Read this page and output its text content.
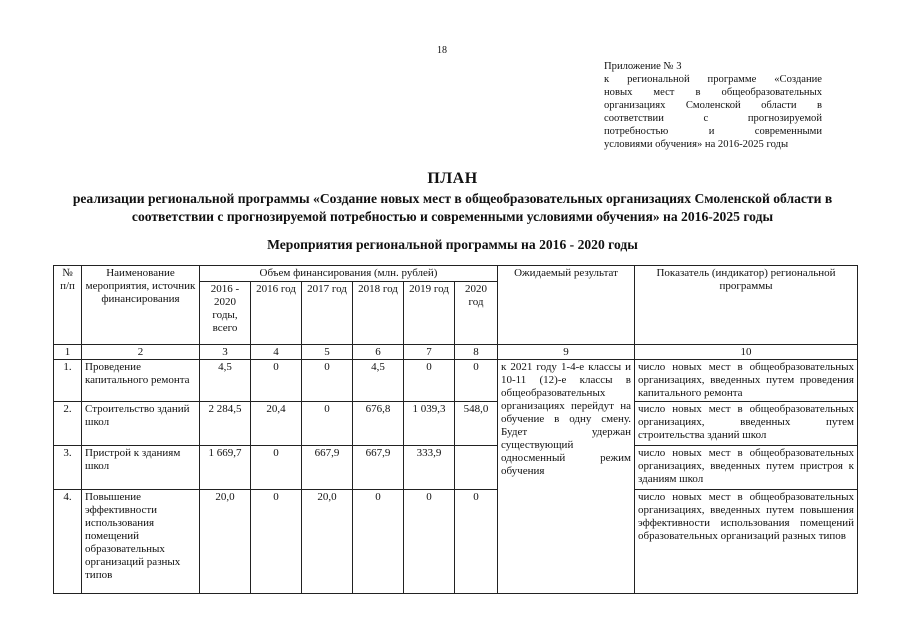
18
Приложение № 3
к региональной программе «Создание
новых мест в общеобразовательных
организациях Смоленской области в
соответствии с прогнозируемой
потребностью и современными
условиями обучения» на 2016-2025 годы
ПЛАН
реализации региональной программы «Создание новых мест в общеобразовательных организациях Смоленской области в соответствии с прогнозируемой потребностью и современными условиями обучения» на 2016-2025 годы
Мероприятия региональной программы на 2016 - 2020 годы
№ п/п	Наименование мероприятия, источник финансирования	Объем финансирования (млн. рублей)						Ожидаемый результат	Показатель (индикатор) региональной программы
		2016 - 2020 годы, всего	2016 год	2017 год	2018 год	2019 год	2020 год		
1	2	3	4	5	6	7	8	9	10
1.	Проведение капитального ремонта	4,5	0	0	4,5	0	0	к 2021 году 1-4-е классы и 10-11 (12)-е классы в общеобразовательных организациях перейдут на обучение в одну смену. Будет удержан существующий односменный режим обучения	число новых мест в общеобразовательных организациях, введенных путем проведения капитального ремонта
2.	Строительство зданий школ	2 284,5	20,4	0	676,8	1 039,3	548,0		число новых мест в общеобразовательных организациях, введенных путем строительства зданий школ
3.	Пристрой к зданиям школ	1 669,7	0	667,9	667,9	333,9			число новых мест в общеобразовательных организациях, введенных путем пристроя к зданиям школ
4.	Повышение эффективности использования помещений образовательных организаций разных типов	20,0	0	20,0	0	0	0		число новых мест в общеобразовательных организациях, введенных путем повышения эффективности использования помещений образовательных организаций разных типов
